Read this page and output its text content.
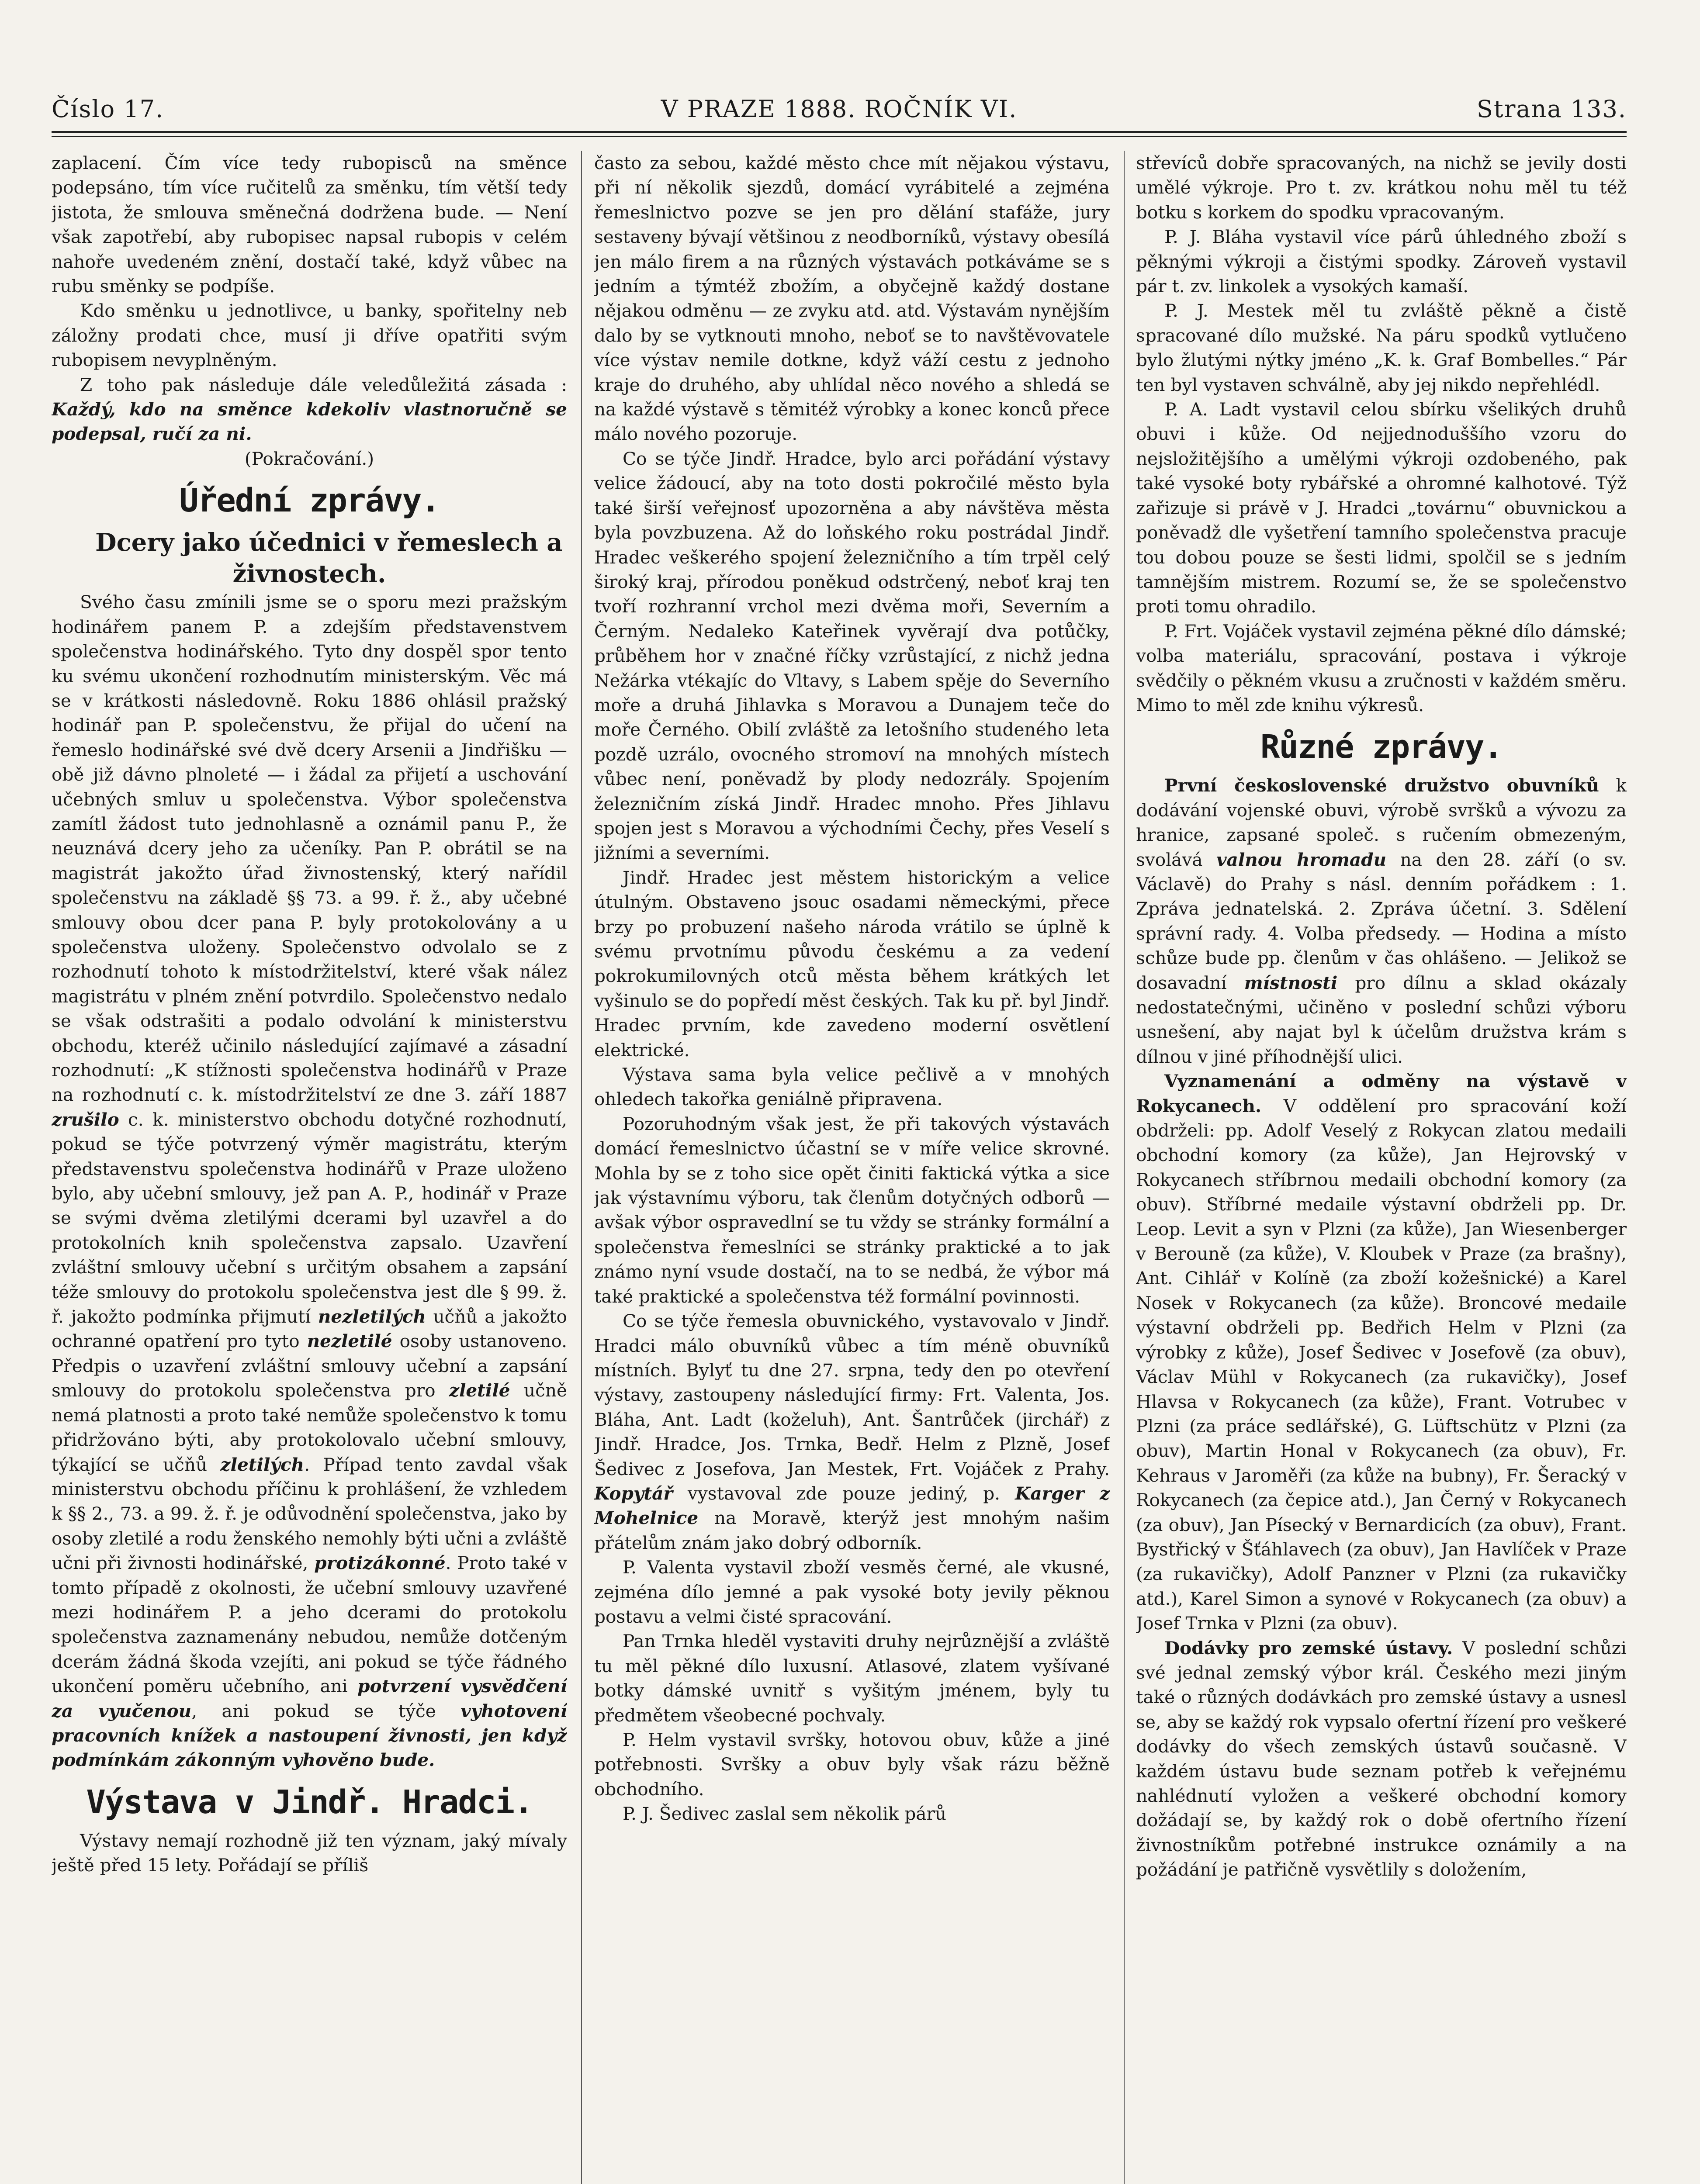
Číslo 17.	V PRAZE 1888. ROČNÍK VI.	Strana 133.

zaplacení. Čím více tedy rubopisců na směnce podepsáno, tím více ručitelů za směnku, tím větší tedy jistota, že smlouva směnečná dodržena bude. — Není však zapotřebí, aby rubopisec napsal rubopis v celém nahoře uvedeném znění, dostačí také, když vůbec na rubu směnky se podpíše.

Kdo směnku u jednotlivce, u banky, spořitelny neb záložny prodati chce, musí ji dříve opatřiti svým rubopisem nevyplněným.

Z toho pak následuje dále veledůležitá zásada : Každý, kdo na směnce kdekoliv vlastnoručně se podepsal, ručí za ni.

(Pokračování.)

Úřední zprávy.

Dcery jako účednici v řemeslech a živnostech.

Svého času zmínili jsme se o sporu mezi pražským hodinářem panem P. a zdejším představenstvem společenstva hodinářského. Tyto dny dospěl spor tento ku svému ukončení rozhodnutím ministerským. Věc má se v krátkosti následovně. Roku 1886 ohlásil pražský hodinář pan P. společenstvu, že přijal do učení na řemeslo hodinářské své dvě dcery Arsenii a Jindřišku — obě již dávno plnoleté — i žádal za přijetí a uschování učebných smluv u společenstva. Výbor společenstva zamítl žádost tuto jednohlasně a oznámil panu P., že neuznává dcery jeho za učeníky. Pan P. obrátil se na magistrát jakožto úřad živnostenský, který nařídil společenstvu na základě §§ 73. a 99. ř. ž., aby učebné smlouvy obou dcer pana P. byly protokolovány a u společenstva uloženy. Společenstvo odvolalo se z rozhodnutí tohoto k místodržitelství, které však nález magistrátu v plném znění potvrdilo. Společenstvo nedalo se však odstrašiti a podalo odvolání k ministerstvu obchodu, kteréž učinilo následující zajímavé a zásadní rozhodnutí: „K stížnosti společenstva hodinářů v Praze na rozhodnutí c. k. místodržitelství ze dne 3. září 1887 zrušilo c. k. ministerstvo obchodu dotyčné rozhodnutí, pokud se týče potvrzený výměr magistrátu, kterým představenstvu společenstva hodinářů v Praze uloženo bylo, aby učební smlouvy, jež pan A. P., hodinář v Praze se svými dvěma zletilými dcerami byl uzavřel a do protokolních knih společenstva zapsalo. Uzavření zvláštní smlouvy učební s určitým obsahem a zapsání téže smlouvy do protokolu společenstva jest dle § 99. ž. ř. jakožto podmínka přijmutí nezletilých učňů a jakožto ochranné opatření pro tyto nezletilé osoby ustanoveno. Předpis o uzavření zvláštní smlouvy učební a zapsání smlouvy do protokolu společenstva pro zletilé učně nemá platnosti a proto také nemůže společenstvo k tomu přidržováno býti, aby protokolovalo učební smlouvy, týkající se učňů zletilých. Případ tento zavdal však ministerstvu obchodu příčinu k prohlášení, že vzhledem k §§ 2., 73. a 99. ž. ř. je odůvodnění společenstva, jako by osoby zletilé a rodu ženského nemohly býti učni a zvláště učni při živnosti hodinářské, protizákonné. Proto také v tomto případě z okolnosti, že učební smlouvy uzavřené mezi hodinářem P. a jeho dcerami do protokolu společenstva zaznamenány nebudou, nemůže dotčeným dcerám žádná škoda vzejíti, ani pokud se týče řádného ukončení poměru učebního, ani potvrzení vysvědčení za vyučenou, ani pokud se týče vyhotovení pracovních knížek a nastoupení živnosti, jen když podmínkám zákonným vyhověno bude.

Výstava v Jindř. Hradci.

Výstavy nemají rozhodně již ten význam, jaký mívaly ještě před 15 lety. Pořádají se příliš

často za sebou, každé město chce mít nějakou výstavu, při ní několik sjezdů, domácí vyrábitelé a zejména řemeslnictvo pozve se jen pro dělání stafáže, jury sestaveny bývají většinou z neodborníků, výstavy obesílá jen málo firem a na různých výstavách potkáváme se s jedním a týmtéž zbožím, a obyčejně každý dostane nějakou odměnu — ze zvyku atd. atd. Výstavám nynějším dalo by se vytknouti mnoho, neboť se to navštěvovatele více výstav nemile dotkne, když váží cestu z jednoho kraje do druhého, aby uhlídal něco nového a shledá se na každé výstavě s těmitéž výrobky a konec konců přece málo nového pozoruje.

Co se týče Jindř. Hradce, bylo arci pořádání výstavy velice žádoucí, aby na toto dosti pokročilé město byla také širší veřejnosť upozorněna a aby návštěva města byla povzbuzena. Až do loňského roku postrádal Jindř. Hradec veškerého spojení železničního a tím trpěl celý široký kraj, přírodou poněkud odstrčený, neboť kraj ten tvoří rozhranní vrchol mezi dvěma moři, Severním a Černým. Nedaleko Kateřinek vyvěrají dva potůčky, průběhem hor v značné říčky vzrůstající, z nichž jedna Nežárka vtékajíc do Vltavy, s Labem spěje do Severního moře a druhá Jihlavka s Moravou a Dunajem teče do moře Černého. Obilí zvláště za letošního studeného leta pozdě uzrálo, ovocného stromoví na mnohých místech vůbec není, poněvadž by plody nedozrály. Spojením železničním získá Jindř. Hradec mnoho. Přes Jihlavu spojen jest s Moravou a východními Čechy, přes Veselí s jižními a severními.

Jindř. Hradec jest městem historickým a velice útulným. Obstaveno jsouc osadami německými, přece brzy po probuzení našeho národa vrátilo se úplně k svému prvotnímu původu českému a za vedení pokrokumilovných otců města během krátkých let vyšinulo se do popředí měst českých. Tak ku př. byl Jindř. Hradec prvním, kde zavedeno moderní osvětlení elektrické.

Výstava sama byla velice pečlivě a v mnohých ohledech takořka geniálně připravena.

Pozoruhodným však jest, že při takových výstavách domácí řemeslnictvo účastní se v míře velice skrovné. Mohla by se z toho sice opět činiti faktická výtka a sice jak výstavnímu výboru, tak členům dotyčných odborů — avšak výbor ospravedlní se tu vždy se stránky formální a společenstva řemeslníci se stránky praktické a to jak známo nyní vsude dostačí, na to se nedbá, že výbor má také praktické a společenstva též formální povinnosti.

Co se týče řemesla obuvnického, vystavovalo v Jindř. Hradci málo obuvníků vůbec a tím méně obuvníků místních. Bylyť tu dne 27. srpna, tedy den po otevření výstavy, zastoupeny následující firmy: Frt. Valenta, Jos. Bláha, Ant. Ladt (koželuh), Ant. Šantrůček (jirchář) z Jindř. Hradce, Jos. Trnka, Bedř. Helm z Plzně, Josef Šedivec z Josefova, Jan Mestek, Frt. Vojáček z Prahy. Kopytář vystavoval zde pouze jediný, p. Karger z Mohelnice na Moravě, kterýž jest mnohým našim přátelům znám jako dobrý odborník.

P. Valenta vystavil zboží vesměs černé, ale vkusné, zejména dílo jemné a pak vysoké boty jevily pěknou postavu a velmi čisté spracování.

Pan Trnka hleděl vystaviti druhy nejrůznější a zvláště tu měl pěkné dílo luxusní. Atlasové, zlatem vyšívané botky dámské uvnitř s vyšitým jménem, byly tu předmětem všeobecné pochvaly.

P. Helm vystavil svršky, hotovou obuv, kůže a jiné potřebnosti. Svršky a obuv byly však rázu běžně obchodního.

P. J. Šedivec zaslal sem několik párů

střevíců dobře spracovaných, na nichž se jevily dosti umělé výkroje. Pro t. zv. krátkou nohu měl tu též botku s korkem do spodku vpracovaným.

P. J. Bláha vystavil více párů úhledného zboží s pěknými výkroji a čistými spodky. Zároveň vystavil pár t. zv. linkolek a vysokých kamaší.

P. J. Mestek měl tu zvláště pěkně a čistě spracované dílo mužské. Na páru spodků vytlučeno bylo žlutými nýtky jméno „K. k. Graf Bombelles.“ Pár ten byl vystaven schválně, aby jej nikdo nepřehlédl.

P. A. Ladt vystavil celou sbírku všelikých druhů obuvi i kůže. Od nejjednoduššího vzoru do nejsložitějšího a umělými výkroji ozdobeného, pak také vysoké boty rybářské a ohromné kalhotové. Týž zařizuje si právě v J. Hradci „továrnu“ obuvnickou a poněvadž dle vyšetření tamního společenstva pracuje tou dobou pouze se šesti lidmi, spolčil se s jedním tamnějším mistrem. Rozumí se, že se společenstvo proti tomu ohradilo.

P. Frt. Vojáček vystavil zejména pěkné dílo dámské; volba materiálu, spracování, postava i výkroje svědčily o pěkném vkusu a zručnosti v každém směru. Mimo to měl zde knihu výkresů.

Různé zprávy.

První československé družstvo obuvníků k dodávání vojenské obuvi, výrobě svršků a vývozu za hranice, zapsané společ. s ručením obmezeným, svolává valnou hromadu na den 28. září (o sv. Václavě) do Prahy s násl. denním pořádkem : 1. Zpráva jednatelská. 2. Zpráva účetní. 3. Sdělení správní rady. 4. Volba předsedy. — Hodina a místo schůze bude pp. členům v čas ohlášeno. — Jelikož se dosavadní místnosti pro dílnu a sklad okázaly nedostatečnými, učiněno v poslední schůzi výboru usnešení, aby najat byl k účelům družstva krám s dílnou v jiné příhodnější ulici.

Vyznamenání a odměny na výstavě v Rokycanech. V oddělení pro spracování koží obdrželi: pp. Adolf Veselý z Rokycan zlatou medaili obchodní komory (za kůže), Jan Hejrovský v Rokycanech stříbrnou medaili obchodní komory (za obuv). Stříbrné medaile výstavní obdrželi pp. Dr. Leop. Levit a syn v Plzni (za kůže), Jan Wiesenberger v Berouně (za kůže), V. Kloubek v Praze (za brašny), Ant. Cihlář v Kolíně (za zboží kožešnické) a Karel Nosek v Rokycanech (za kůže). Broncové medaile výstavní obdrželi pp. Bedřich Helm v Plzni (za výrobky z kůže), Josef Šedivec v Josefově (za obuv), Václav Mühl v Rokycanech (za rukavičky), Josef Hlavsa v Rokycanech (za kůže), Frant. Votrubec v Plzni (za práce sedlářské), G. Lüftschütz v Plzni (za obuv), Martin Honal v Rokycanech (za obuv), Fr. Kehraus v Jaroměři (za kůže na bubny), Fr. Šeracký v Rokycanech (za čepice atd.), Jan Černý v Rokycanech (za obuv), Jan Písecký v Bernardicích (za obuv), Frant. Bystřický v Šťáhlavech (za obuv), Jan Havlíček v Praze (za rukavičky), Adolf Panzner v Plzni (za rukavičky atd.), Karel Simon a synové v Rokycanech (za obuv) a Josef Trnka v Plzni (za obuv).

Dodávky pro zemské ústavy. V poslední schůzi své jednal zemský výbor král. Českého mezi jiným také o různých dodávkách pro zemské ústavy a usnesl se, aby se každý rok vypsalo ofertní řízení pro veškeré dodávky do všech zemských ústavů současně. V každém ústavu bude seznam potřeb k veřejnému nahlédnutí vyložen a veškeré obchodní komory dožádají se, by každý rok o době ofertního řízení živnostníkům potřebné instrukce oznámily a na požádání je patřičně vysvětlily s doložením,
